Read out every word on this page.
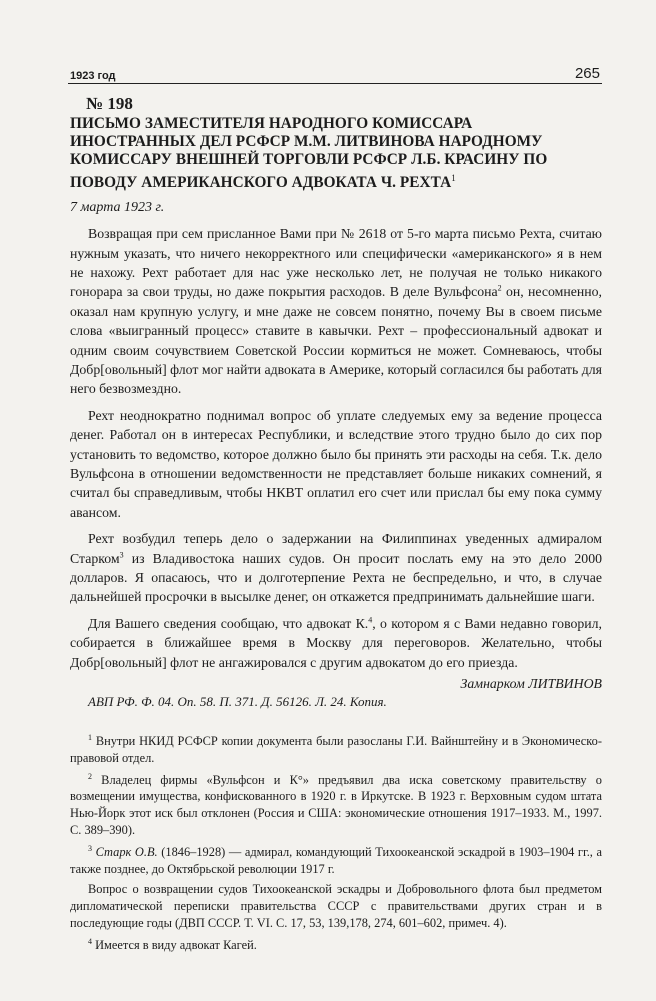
1923 год	265
№ 198
ПИСЬМО ЗАМЕСТИТЕЛЯ НАРОДНОГО КОМИССАРА ИНОСТРАННЫХ ДЕЛ РСФСР М.М. ЛИТВИНОВА НАРОДНОМУ КОМИССАРУ ВНЕШНЕЙ ТОРГОВЛИ РСФСР Л.Б. КРАСИНУ ПО ПОВОДУ АМЕРИКАНСКОГО АДВОКАТА Ч. РЕХТА$^1$
7 марта 1923 г.

Возвращая при сем присланное Вами при № 2618 от 5-го марта письмо Рехта, считаю нужным указать, что ничего некорректного или специфически «американского» я в нем не нахожу. Рехт работает для нас уже несколько лет, не получая не только никакого гонорара за свои труды, но даже покрытия расходов. В деле Вульфсона$^2$ он, несомненно, оказал нам крупную услугу, и мне даже не совсем понятно, почему Вы в своем письме слова «выигранный процесс» ставите в кавычки. Рехт – профессиональный адвокат и одним своим сочувствием Советской России кормиться не может. Сомневаюсь, чтобы Добр[овольный] флот мог найти адвоката в Америке, который согласился бы работать для него безвозмездно.

Рехт неоднократно поднимал вопрос об уплате следуемых ему за ведение процесса денег. Работал он в интересах Республики, и вследствие этого трудно было до сих пор установить то ведомство, которое должно было бы принять эти расходы на себя. Т.к. дело Вульфсона в отношении ведомственности не представляет больше никаких сомнений, я считал бы справедливым, чтобы НКВТ оплатил его счет или прислал бы ему пока сумму авансом.

Рехт возбудил теперь дело о задержании на Филиппинах уведенных адмиралом Старком$^3$ из Владивостока наших судов. Он просит послать ему на это дело 2000 долларов. Я опасаюсь, что и долготерпение Рехта не беспредельно, и что, в случае дальнейшей просрочки в высылке денег, он откажется предпринимать дальнейшие шаги.

Для Вашего сведения сообщаю, что адвокат К.$^4$, о котором я с Вами недавно говорил, собирается в ближайшее время в Москву для переговоров. Желательно, чтобы Добр[овольный] флот не ангажировался с другим адвокатом до его приезда.

Замнарком ЛИТВИНОВ
АВП РФ. Ф. 04. Оп. 58. П. 371. Д. 56126. Л. 24. Копия.

$^1$ Внутри НКИД РСФСР копии документа были разосланы Г.И. Вайнштейну и в Экономическо-правовой отдел.

$^2$ Владелец фирмы «Вульфсон и К°» предъявил два иска советскому правительству о возмещении имущества, конфискованного в 1920 г. в Иркутске. В 1923 г. Верховным судом штата Нью-Йорк этот иск был отклонен (Россия и США: экономические отношения 1917–1933. М., 1997. С. 389–390).

$^3$ Старк О.В. (1846–1928) — адмирал, командующий Тихоокеанской эскадрой в 1903–1904 гг., а также позднее, до Октябрьской революции 1917 г.

Вопрос о возвращении судов Тихоокеанской эскадры и Добровольного флота был предметом дипломатической переписки правительства СССР с правительствами других стран и в последующие годы (ДВП СССР. Т. VI. С. 17, 53, 139,178, 274, 601–602, примеч. 4).

$^4$ Имеется в виду адвокат Кагей.
